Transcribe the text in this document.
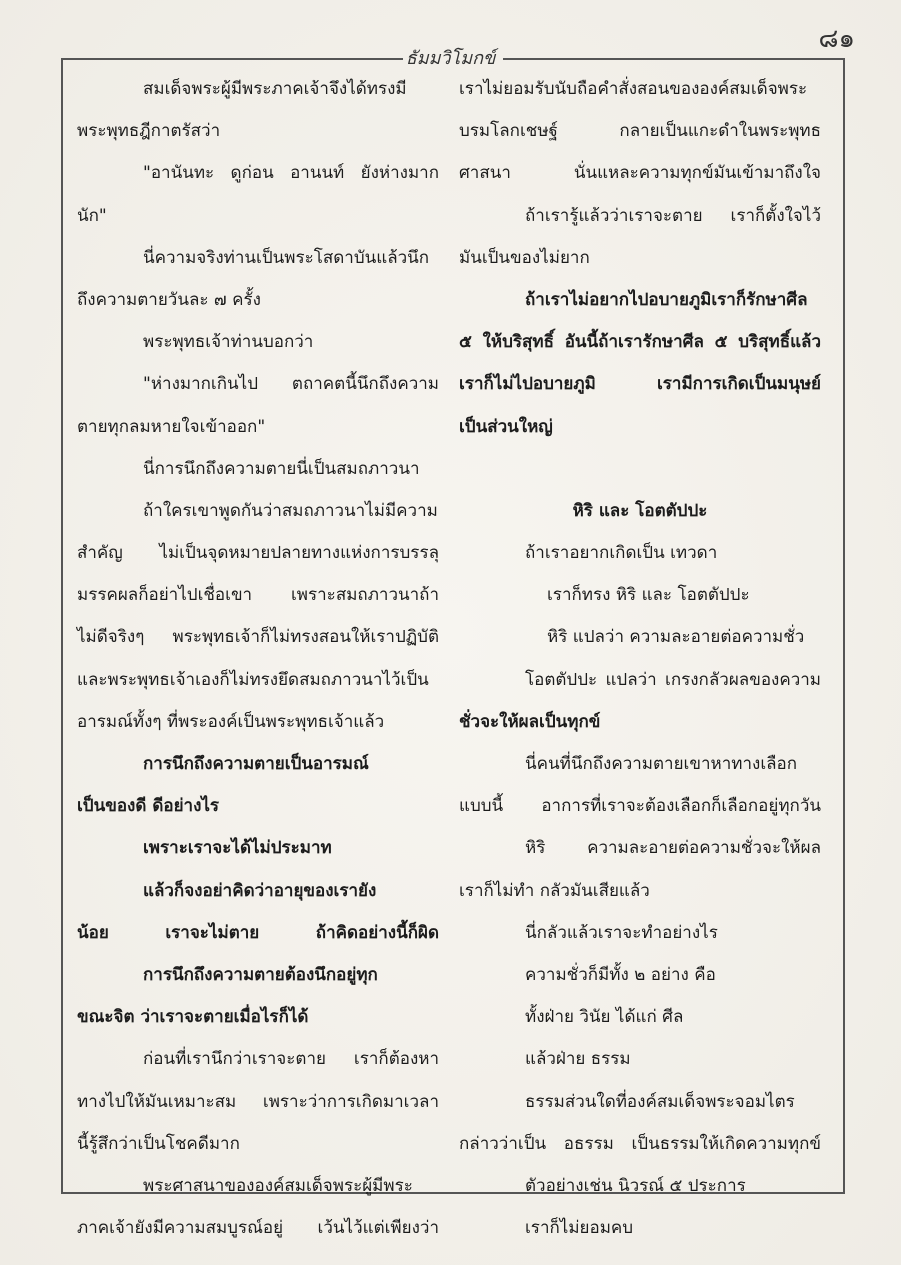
๘๑
ธัมมวิโมกข์
สมเด็จพระผู้มีพระภาคเจ้าจึงได้ทรงมี
พระพุทธฎีกาตรัสว่า
"อานันทะ ดูก่อน อานนท์ ยังห่างมาก
นัก"
นี่ความจริงท่านเป็นพระโสดาบันแล้วนึก
ถึงความตายวันละ ๗ ครั้ง
พระพุทธเจ้าท่านบอกว่า
"ห่างมากเกินไป ตถาคตนี้นึกถึงความ
ตายทุกลมหายใจเข้าออก"
นี่การนึกถึงความตายนี่เป็นสมถภาวนา
ถ้าใครเขาพูดกันว่าสมถภาวนาไม่มีความ
สำคัญ ไม่เป็นจุดหมายปลายทางแห่งการบรรลุ
มรรคผลก็อย่าไปเชื่อเขา เพราะสมถภาวนาถ้า
ไม่ดีจริงๆ พระพุทธเจ้าก็ไม่ทรงสอนให้เราปฏิบัติ
และพระพุทธเจ้าเองก็ไม่ทรงยึดสมถภาวนาไว้เป็น
อารมณ์ทั้งๆ ที่พระองค์เป็นพระพุทธเจ้าแล้ว
การนึกถึงความตายเป็นอารมณ์
เป็นของดี ดีอย่างไร
เพราะเราจะได้ไม่ประมาท
แล้วก็จงอย่าคิดว่าอายุของเรายัง
น้อย เราจะไม่ตาย ถ้าคิดอย่างนี้ก็ผิด
การนึกถึงความตายต้องนึกอยู่ทุก
ขณะจิต ว่าเราจะตายเมื่อไรก็ได้
ก่อนที่เรานึกว่าเราจะตาย เราก็ต้องหา
ทางไปให้มันเหมาะสม เพราะว่าการเกิดมาเวลา
นี้รู้สึกว่าเป็นโชคดีมาก
พระศาสนาขององค์สมเด็จพระผู้มีพระ
ภาคเจ้ายังมีความสมบูรณ์อยู่ เว้นไว้แต่เพียงว่า
เราไม่ยอมรับนับถือคำสั่งสอนขององค์สมเด็จพระ
บรมโลกเชษฐ์ กลายเป็นแกะดำในพระพุทธ
ศาสนา นั่นแหละความทุกข์มันเข้ามาถึงใจ
ถ้าเรารู้แล้วว่าเราจะตาย เราก็ตั้งใจไว้
มันเป็นของไม่ยาก
ถ้าเราไม่อยากไปอบายภูมิเราก็รักษาศีล
๕ ให้บริสุทธิ์ อันนี้ถ้าเรารักษาศีล ๕ บริสุทธิ์แล้ว
เราก็ไม่ไปอบายภูมิ เรามีการเกิดเป็นมนุษย์
เป็นส่วนใหญ่
หิริ และ โอตตัปปะ
ถ้าเราอยากเกิดเป็น เทวดา
เราก็ทรง หิริ และ โอตตัปปะ
หิริ แปลว่า ความละอายต่อความชั่ว
โอตตัปปะ แปลว่า เกรงกลัวผลของความ
ชั่วจะให้ผลเป็นทุกข์
นี่คนที่นึกถึงความตายเขาหาทางเลือก
แบบนี้ อาการที่เราจะต้องเลือกก็เลือกอยู่ทุกวัน
หิริ ความละอายต่อความชั่วจะให้ผล
เราก็ไม่ทำ กลัวมันเสียแล้ว
นี่กลัวแล้วเราจะทำอย่างไร
ความชั่วก็มีทั้ง ๒ อย่าง คือ
ทั้งฝ่าย วินัย ได้แก่ ศีล
แล้วฝ่าย ธรรม
ธรรมส่วนใดที่องค์สมเด็จพระจอมไตร
กล่าวว่าเป็น อธรรม เป็นธรรมให้เกิดความทุกข์
ตัวอย่างเช่น นิวรณ์ ๕ ประการ
เราก็ไม่ยอมคบ
